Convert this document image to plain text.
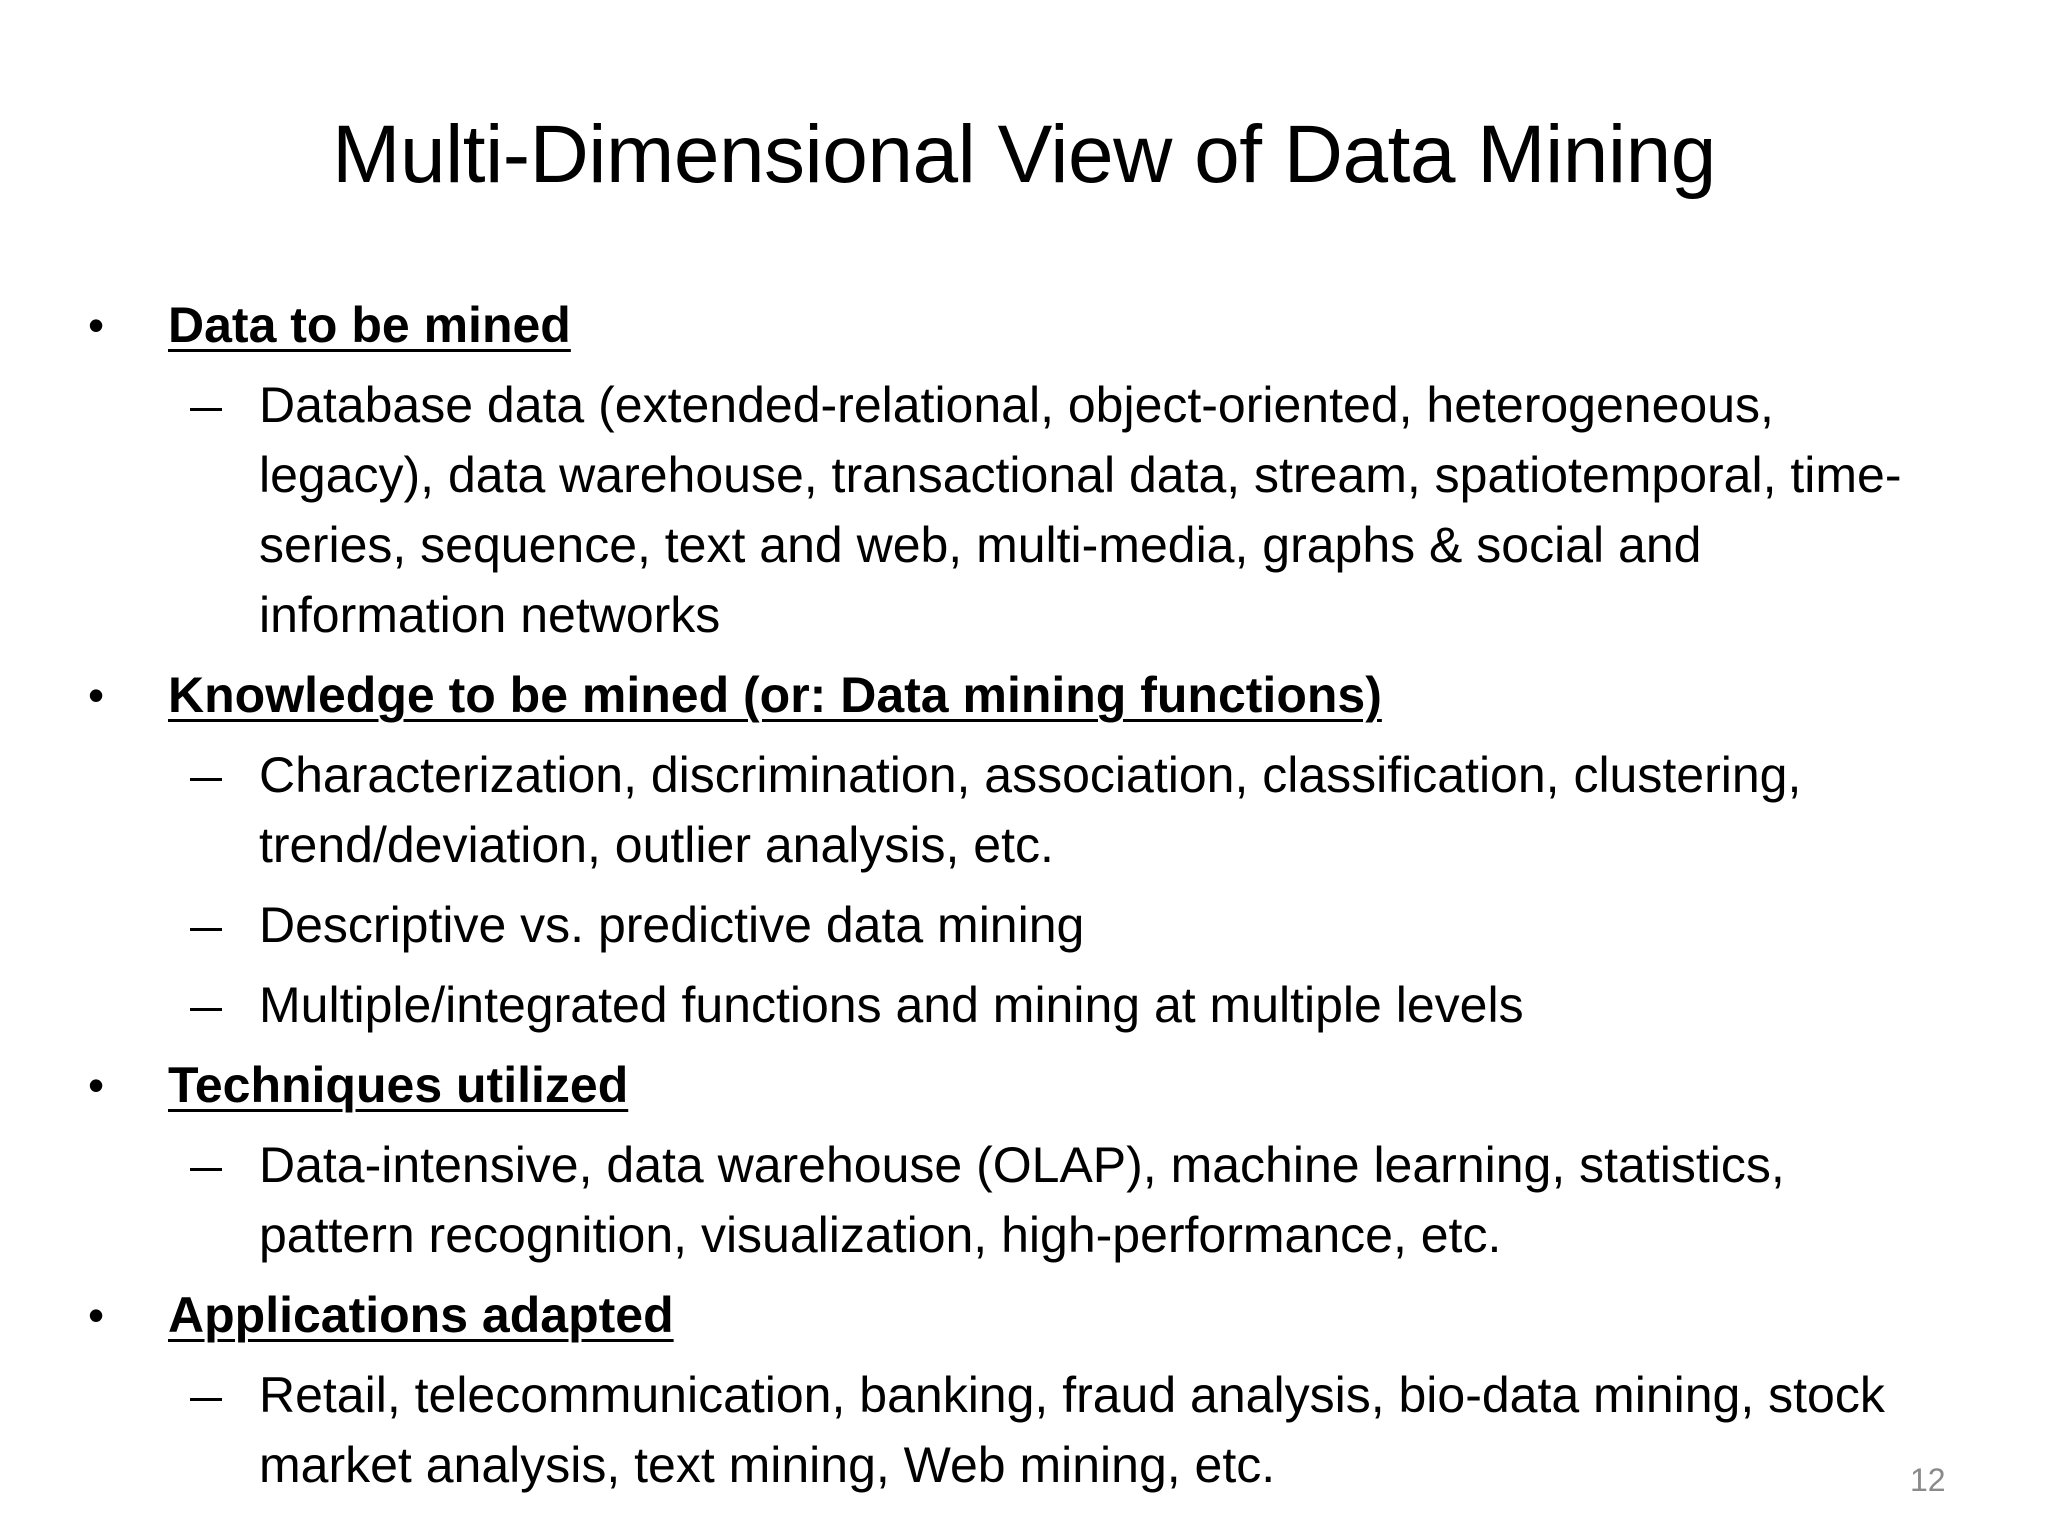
Multi-Dimensional View of Data Mining
• Data to be mined
Database data (extended-relational, object-oriented, heterogeneous,
legacy), data warehouse, transactional data, stream, spatiotemporal, time-
series, sequence, text and web, multi-media, graphs & social and
information networks
• Knowledge to be mined (or: Data mining functions)
Characterization, discrimination, association, classification, clustering,
trend/deviation, outlier analysis, etc.
Descriptive vs. predictive data mining
Multiple/integrated functions and mining at multiple levels
• Techniques utilized
Data-intensive, data warehouse (OLAP), machine learning, statistics,
pattern recognition, visualization, high-performance, etc.
• Applications adapted
Retail, telecommunication, banking, fraud analysis, bio-data mining, stock
market analysis, text mining, Web mining, etc.	12
